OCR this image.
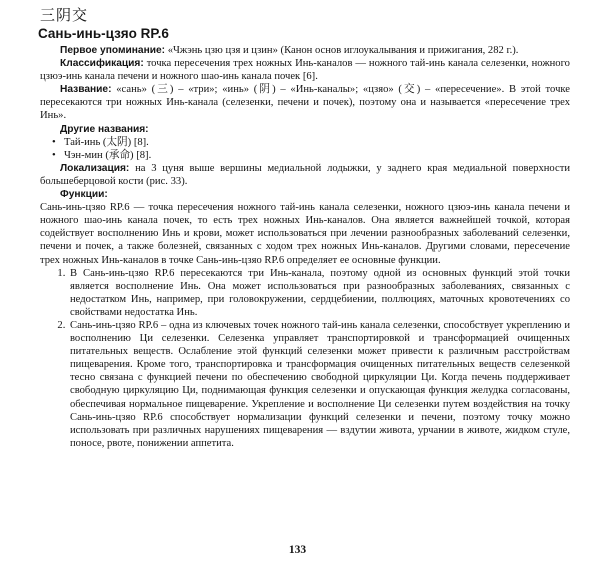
三阴交
Сань-инь-цзяо RP.6

Первое упоминание: «Чжэнь цзю цзя и цзин» (Канон основ иглоукалывания и прижигания, 282 г.).

Классификация: точка пересечения трех ножных Инь-каналов — ножного тай-инь канала селезенки, ножного цзюэ-инь канала печени и ножного шао-инь канала почек [6].

Название: «сань» (三) – «три»; «инь» (阴) – «Инь-каналы»; «цзяо» (交) – «пересечение». В этой точке пересекаются три ножных Инь-канала (селезенки, печени и почек), поэтому она и называется «пересечение трех Инь».

Другие названия:
• Тай-инь (太阴) [8].
• Чэн-мин (承命) [8].

Локализация: на 3 цуня выше вершины медиальной лодыжки, у заднего края медиальной поверхности большеберцовой кости (рис. 33).

Функции:

Сань-инь-цзяо RP.6 — точка пересечения ножного тай-инь канала селезенки, ножного цзюэ-инь канала печени и ножного шао-инь канала почек, то есть трех ножных Инь-каналов. Она является важнейшей точкой, которая содействует восполнению Инь и крови, может использоваться при лечении разнообразных заболеваний селезенки, печени и почек, а также болезней, связанных с ходом трех ножных Инь-каналов. Другими словами, пересечение трех ножных Инь-каналов в точке Сань-инь-цзяо RP.6 определяет ее основные функции.

1. В Сань-инь-цзяо RP.6 пересекаются три Инь-канала, поэтому одной из основных функций этой точки является восполнение Инь. Она может использоваться при разнообразных заболеваниях, связанных с недостатком Инь, например, при головокружении, сердцебиении, поллюциях, маточных кровотечениях со свойствами недостатка Инь.
2. Сань-инь-цзяо RP.6 – одна из ключевых точек ножного тай-инь канала селезенки, способствует укреплению и восполнению Ци селезенки. Селезенка управляет транспортировкой и трансформацией очищенных питательных веществ. Ослабление этой функций селезенки может привести к различным расстройствам пищеварения. Кроме того, транспортировка и трансформация очищенных питательных веществ селезенкой тесно связана с функцией печени по обеспечению свободной циркуляции Ци. Когда печень поддерживает свободную циркуляцию Ци, поднимающая функция селезенки и опускающая функция желудка согласованы, обеспечивая нормальное пищеварение. Укрепление и восполнение Ци селезенки путем воздействия на точку Сань-инь-цзяо RP.6 способствует нормализации функций селезенки и печени, поэтому точку можно использовать при различных нарушениях пищеварения — вздутии живота, урчании в животе, жидком стуле, поносе, рвоте, понижении аппетита.
133
